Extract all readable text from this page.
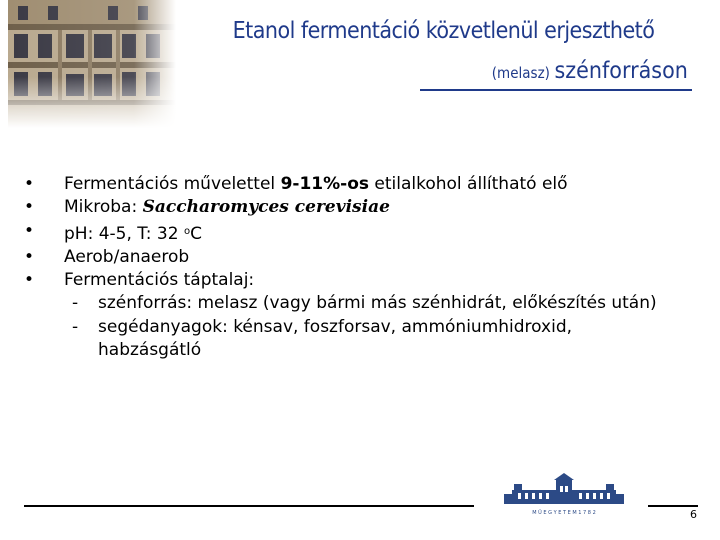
Etanol fermentáció közvetlenül erjeszthető
(melasz) szénforráson
• Fermentációs művelettel 9-11%-os etilalkohol állítható elő
• Mikroba: Saccharomyces cerevisiae
• pH: 4-5, T: 32 $^o$C
• Aerob/anaerob
• Fermentációs táptalaj:
- szénforrás: melasz (vagy bármi más szénhidrát, előkészítés után)
- segédanyagok: kénsav, foszforsav, ammóniumhidroxid,
habzásgátló
M Ű E G Y E T E M 1 7 8 2	6
